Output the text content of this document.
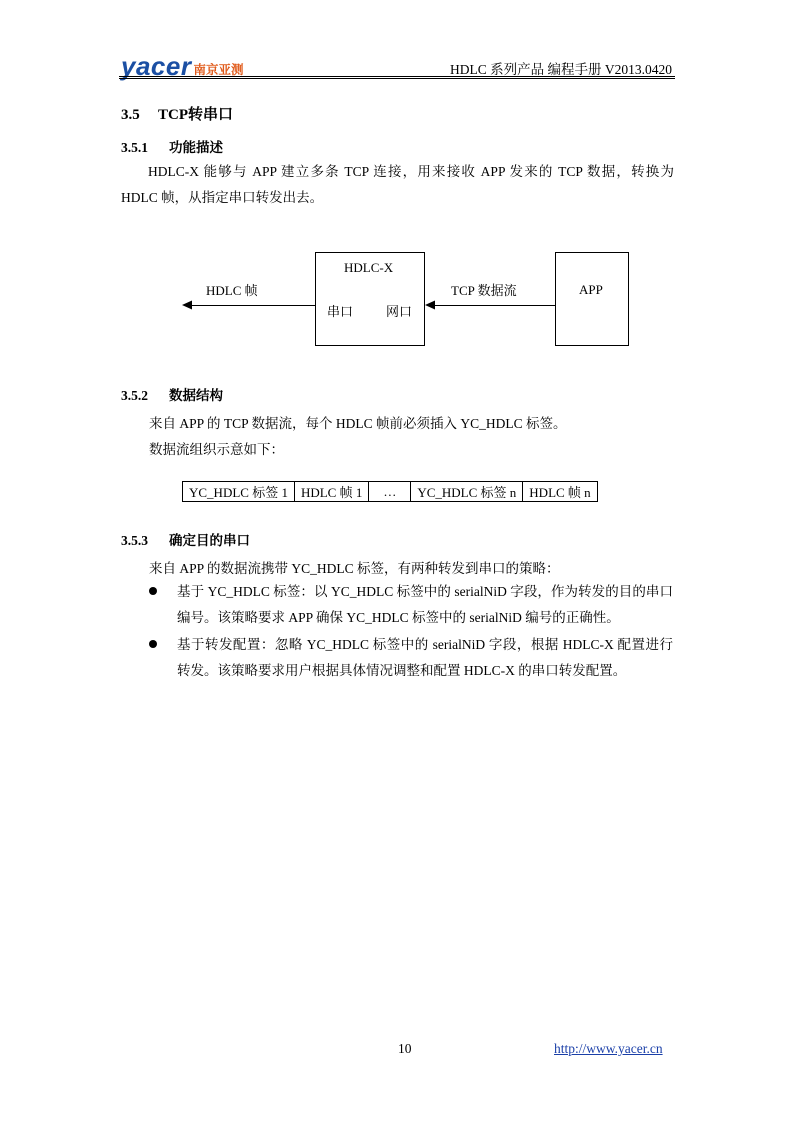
yacer 南京亚测	HDLC 系列产品 编程手册 V2013.0420
3.5 TCP转串口
3.5.1 功能描述
HDLC-X 能够与 APP 建立多条 TCP 连接，用来接收 APP 发来的 TCP 数据，转换为 HDLC 帧，从指定串口转发出去。
HDLC-X
串口	网口
APP
HDLC 帧	TCP 数据流
3.5.2 数据结构
来自 APP 的 TCP 数据流，每个 HDLC 帧前必须插入 YC_HDLC 标签。
数据流组织示意如下：
YC_HDLC 标签 1	HDLC 帧 1	…	YC_HDLC 标签 n	HDLC 帧 n
3.5.3 确定目的串口
来自 APP 的数据流携带 YC_HDLC 标签，有两种转发到串口的策略：
基于 YC_HDLC 标签：以 YC_HDLC 标签中的 serialNiD 字段，作为转发的目的串口编号。该策略要求 APP 确保 YC_HDLC 标签中的 serialNiD 编号的正确性。
基于转发配置：忽略 YC_HDLC 标签中的 serialNiD 字段，根据 HDLC-X 配置进行转发。该策略要求用户根据具体情况调整和配置 HDLC-X 的串口转发配置。
10	http://www.yacer.cn
